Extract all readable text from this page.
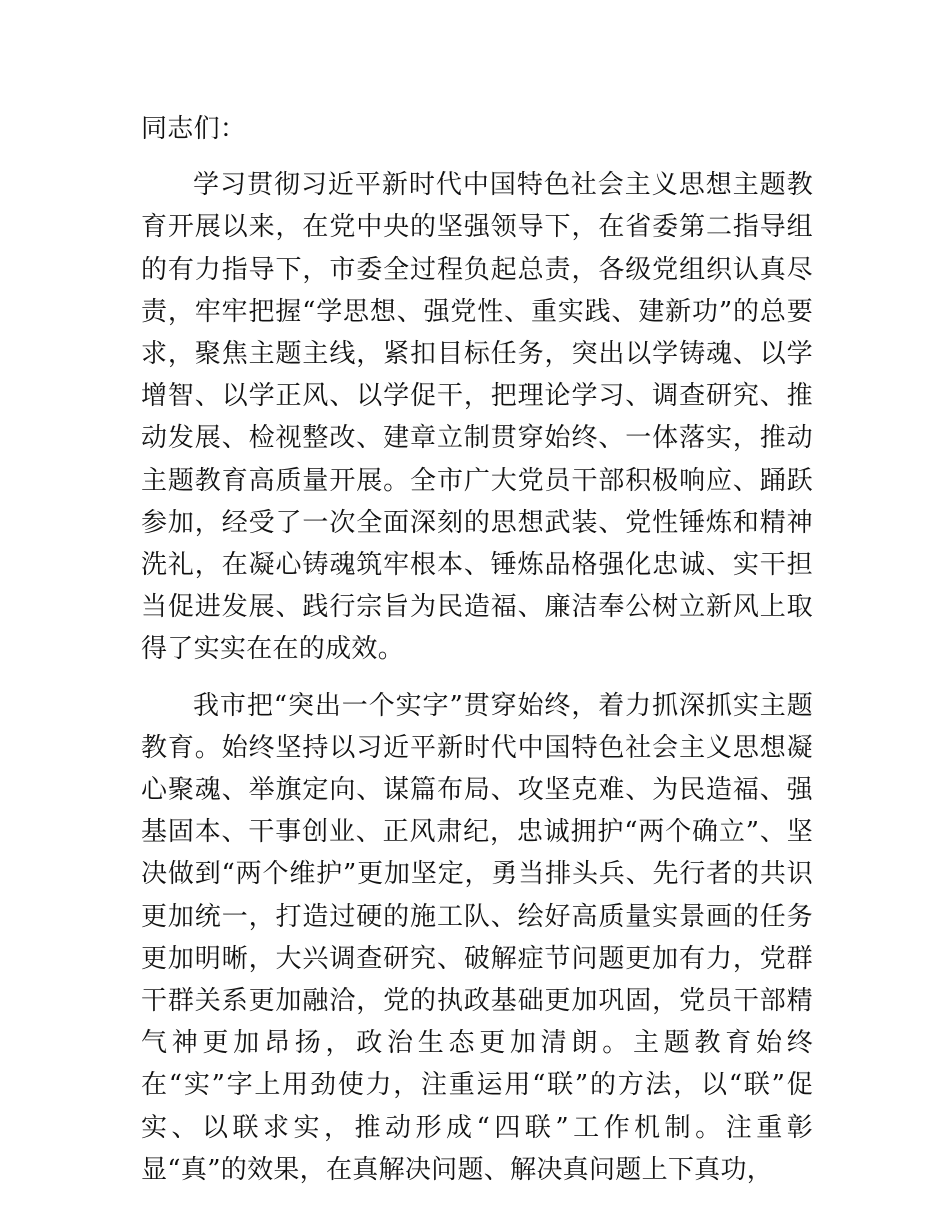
同志们：

学习贯彻习近平新时代中国特色社会主义思想主题教育开展以来，在党中央的坚强领导下，在省委第二指导组的有力指导下，市委全过程负起总责，各级党组织认真尽责，牢牢把握“学思想、强党性、重实践、建新功”的总要求，聚焦主题主线，紧扣目标任务，突出以学铸魂、以学增智、以学正风、以学促干，把理论学习、调查研究、推动发展、检视整改、建章立制贯穿始终、一体落实，推动主题教育高质量开展。全市广大党员干部积极响应、踊跃参加，经受了一次全面深刻的思想武装、党性锤炼和精神洗礼，在凝心铸魂筑牢根本、锤炼品格强化忠诚、实干担当促进发展、践行宗旨为民造福、廉洁奉公树立新风上取得了实实在在的成效。

我市把“突出一个实字”贯穿始终，着力抓深抓实主题教育。始终坚持以习近平新时代中国特色社会主义思想凝心聚魂、举旗定向、谋篇布局、攻坚克难、为民造福、强基固本、干事创业、正风肃纪，忠诚拥护“两个确立”、坚决做到“两个维护”更加坚定，勇当排头兵、先行者的共识更加统一，打造过硬的施工队、绘好高质量实景画的任务更加明晰，大兴调查研究、破解症节问题更加有力，党群干群关系更加融洽，党的执政基础更加巩固，党员干部精气神更加昂扬，政治生态更加清朗。主题教育始终在“实”字上用劲使力，注重运用“联”的方法，以“联”促实、以联求实，推动形成“四联”工作机制。注重彰显“真”的效果，在真解决问题、解决真问题上下真功，
